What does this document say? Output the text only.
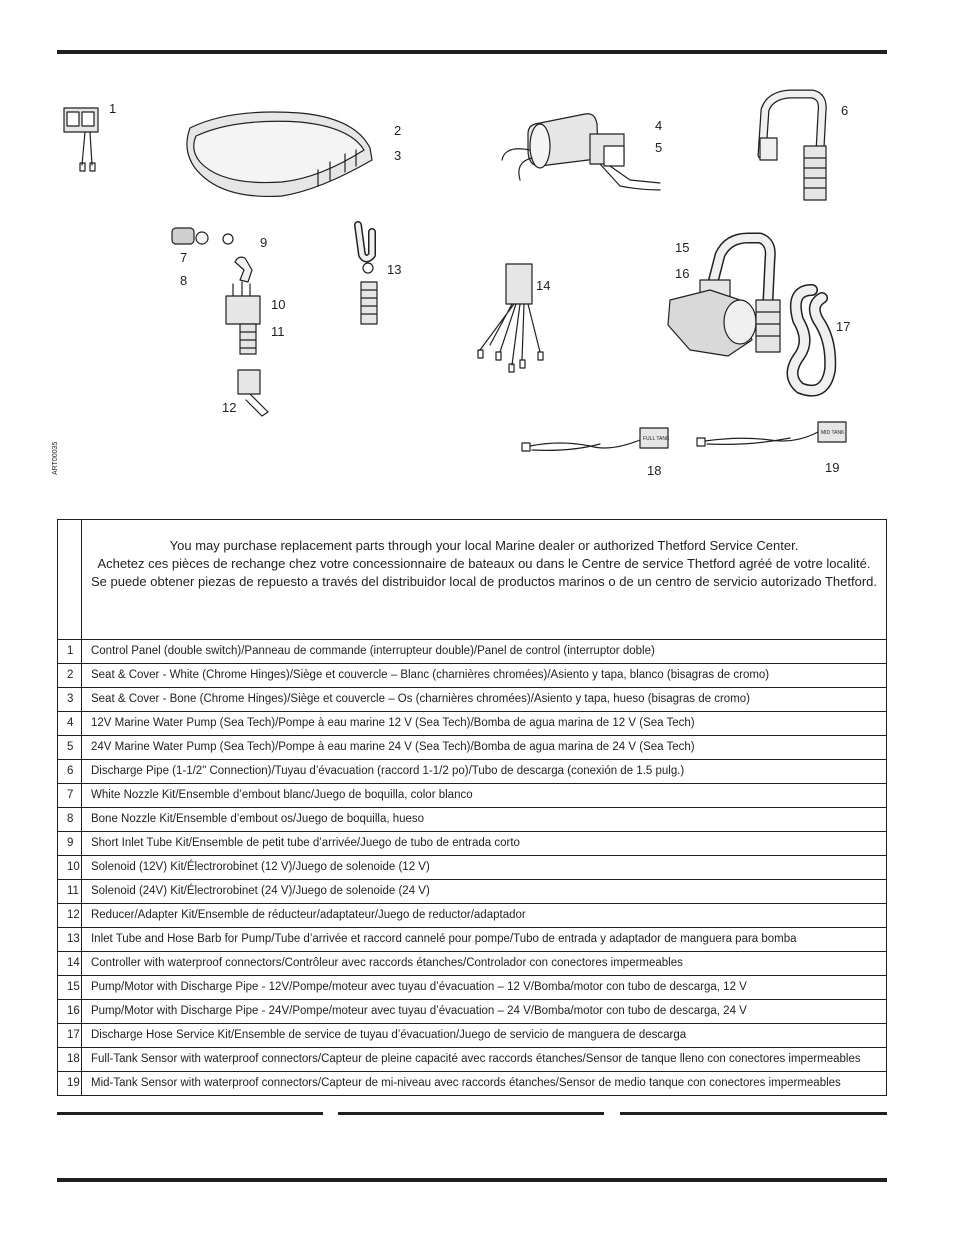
FULL TANK
MID TANK
1
2
3
4
5
6
7
8
9
10
11
12
13
14
15
16
17
18	19
ART00035

	You may purchase replacement parts through your local Marine dealer or authorized Thetford Service Center.
Achetez ces pièces de rechange chez votre concessionnaire de bateaux ou dans le Centre de service Thetford agréé de votre localité.
Se puede obtener piezas de repuesto a través del distribuidor local de productos marinos o de un centro de servicio autorizado Thetford.

1	Control Panel (double switch)/Panneau de commande (interrupteur double)/Panel de control (interruptor doble)
2	Seat & Cover - White (Chrome Hinges)/Siège et couvercle – Blanc (charnières chromées)/Asiento y tapa, blanco (bisagras de cromo)
3	Seat & Cover - Bone (Chrome Hinges)/Siège et couvercle – Os (charnières chromées)/Asiento y tapa, hueso (bisagras de cromo)
4	12V Marine Water Pump (Sea Tech)/Pompe à eau marine 12 V (Sea Tech)/Bomba de agua marina de 12 V (Sea Tech)
5	24V Marine Water Pump (Sea Tech)/Pompe à eau marine 24 V (Sea Tech)/Bomba de agua marina de 24 V (Sea Tech)
6	Discharge Pipe (1-1/2" Connection)/Tuyau d’évacuation (raccord 1-1/2 po)/Tubo de descarga (conexión de 1.5 pulg.)
7	White Nozzle Kit/Ensemble d’embout blanc/Juego de boquilla, color blanco
8	Bone Nozzle Kit/Ensemble d’embout os/Juego de boquilla, hueso
9	Short Inlet Tube Kit/Ensemble de petit tube d’arrivée/Juego de tubo de entrada corto
10	Solenoid (12V) Kit/Électrorobinet (12 V)/Juego de solenoide (12 V)
11	Solenoid (24V) Kit/Électrorobinet (24 V)/Juego de solenoide (24 V)
12	Reducer/Adapter Kit/Ensemble de réducteur/adaptateur/Juego de reductor/adaptador
13	Inlet Tube and Hose Barb for Pump/Tube d’arrivée et raccord cannelé pour pompe/Tubo de entrada y adaptador de manguera para bomba
14	Controller with waterproof connectors/Contrôleur avec raccords étanches/Controlador con conectores impermeables
15	Pump/Motor with Discharge Pipe - 12V/Pompe/moteur avec tuyau d’évacuation – 12 V/Bomba/motor con tubo de descarga, 12 V
16	Pump/Motor with Discharge Pipe - 24V/Pompe/moteur avec tuyau d’évacuation – 24 V/Bomba/motor con tubo de descarga, 24 V
17	Discharge Hose Service Kit/Ensemble de service de tuyau d’évacuation/Juego de servicio de manguera de descarga
18	Full-Tank Sensor with waterproof connectors/Capteur de pleine capacité avec raccords étanches/Sensor de tanque lleno con conectores impermeables
19	Mid-Tank Sensor with waterproof connectors/Capteur de mi-niveau avec raccords étanches/Sensor de medio tanque con conectores impermeables
